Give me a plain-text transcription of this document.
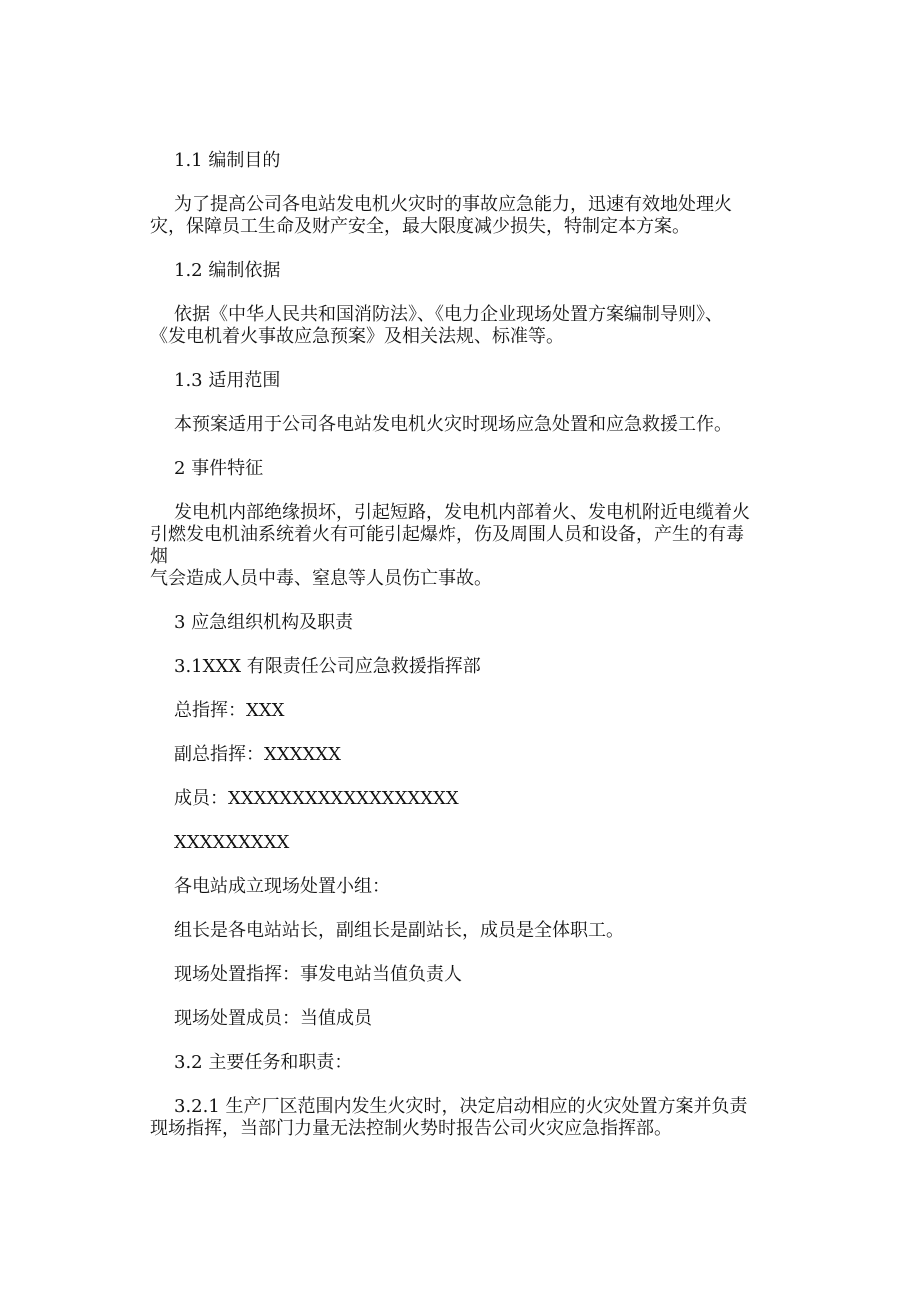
1.1 编制目的

为了提高公司各电站发电机火灾时的事故应急能力，迅速有效地处理火

灾，保障员工生命及财产安全，最大限度减少损失，特制定本方案。

1.2 编制依据

依据《中华人民共和国消防法》、《电力企业现场处置方案编制导则》、

《发电机着火事故应急预案》及相关法规、标准等。

1.3 适用范围

本预案适用于公司各电站发电机火灾时现场应急处置和应急救援工作。

2 事件特征

发电机内部绝缘损坏，引起短路，发电机内部着火、发电机附近电缆着火

引燃发电机油系统着火有可能引起爆炸，伤及周围人员和设备，产生的有毒烟

气会造成人员中毒、窒息等人员伤亡事故。

3 应急组织机构及职责

3.1XXX 有限责任公司应急救援指挥部

总指挥：XXX

副总指挥：XXXXXX

成员：XXXXXXXXXXXXXXXXXX

XXXXXXXXX

各电站成立现场处置小组：

组长是各电站站长，副组长是副站长，成员是全体职工。

现场处置指挥：事发电站当值负责人

现场处置成员：当值成员

3.2 主要任务和职责：

3.2.1 生产厂区范围内发生火灾时，决定启动相应的火灾处置方案并负责

现场指挥，当部门力量无法控制火势时报告公司火灾应急指挥部。
